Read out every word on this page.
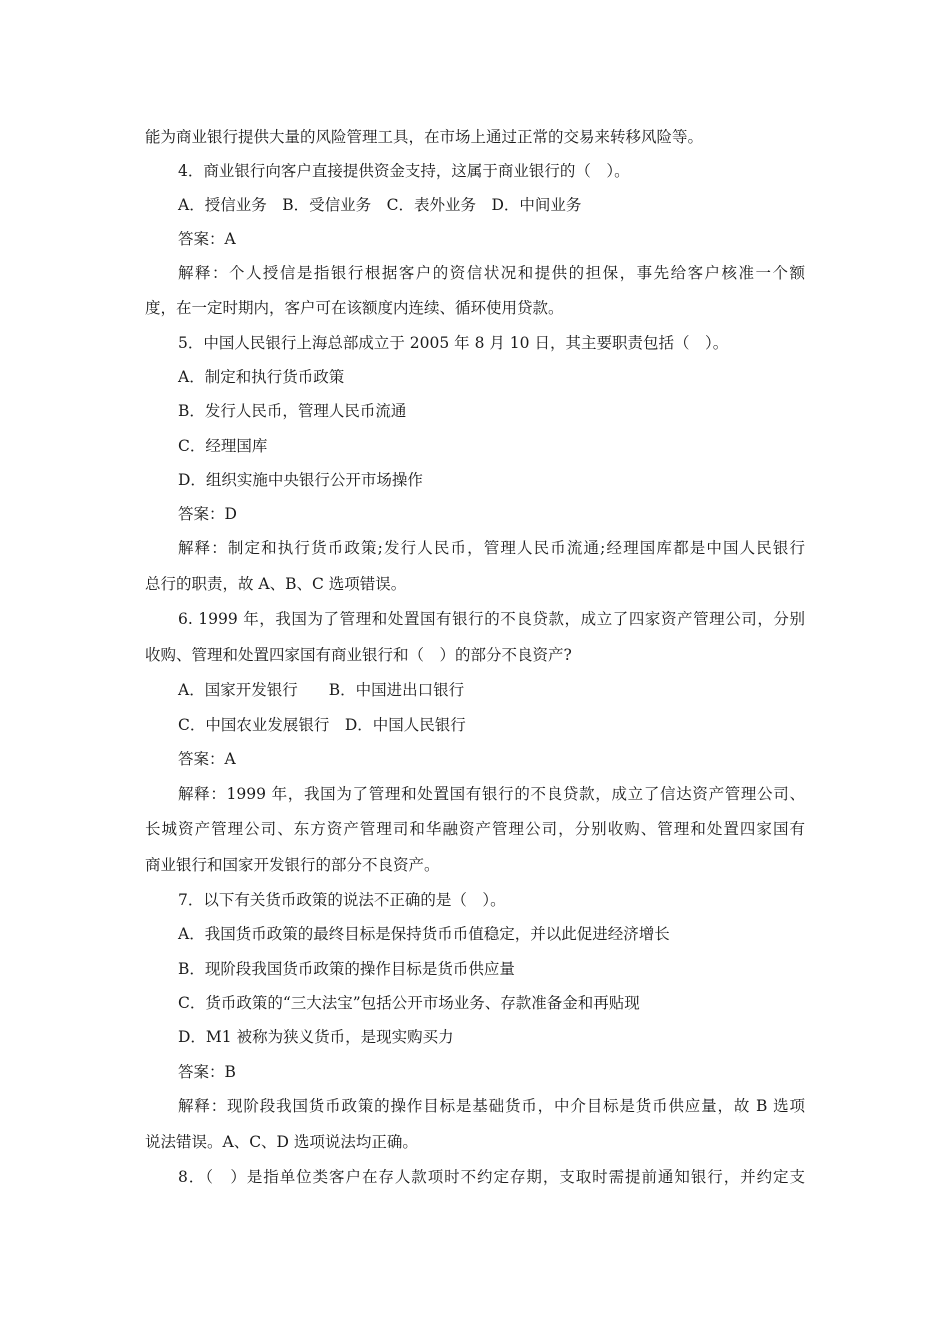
能为商业银行提供大量的风险管理工具，在市场上通过正常的交易来转移风险等。
4．商业银行向客户直接提供资金支持，这属于商业银行的（　）。
A．授信业务　B．受信业务　C．表外业务　D．中间业务
答案：A
解释：个人授信是指银行根据客户的资信状况和提供的担保，事先给客户核准一个额
度，在一定时期内，客户可在该额度内连续、循环使用贷款。
5．中国人民银行上海总部成立于 2005 年 8 月 10 日，其主要职责包括（　）。
A．制定和执行货币政策
B．发行人民币，管理人民币流通
C．经理国库
D．组织实施中央银行公开市场操作
答案：D
解释：制定和执行货币政策;发行人民币，管理人民币流通;经理国库都是中国人民银行
总行的职责，故 A、B、C 选项错误。
6. 1999 年，我国为了管理和处置国有银行的不良贷款，成立了四家资产管理公司，分别
收购、管理和处置四家国有商业银行和（　）的部分不良资产?
A．国家开发银行　　B．中国进出口银行
C．中国农业发展银行　D．中国人民银行
答案：A
解释：1999 年，我国为了管理和处置国有银行的不良贷款，成立了信达资产管理公司、
长城资产管理公司、东方资产管理司和华融资产管理公司，分别收购、管理和处置四家国有
商业银行和国家开发银行的部分不良资产。
7．以下有关货币政策的说法不正确的是（　）。
A．我国货币政策的最终目标是保持货币币值稳定，并以此促进经济增长
B．现阶段我国货币政策的操作目标是货币供应量
C．货币政策的“三大法宝”包括公开市场业务、存款准备金和再贴现
D．M1 被称为狭义货币，是现实购买力
答案：B
解释：现阶段我国货币政策的操作目标是基础货币，中介目标是货币供应量，故 B 选项
说法错误。A、C、D 选项说法均正确。
8．（　）是指单位类客户在存人款项时不约定存期，支取时需提前通知银行，并约定支
